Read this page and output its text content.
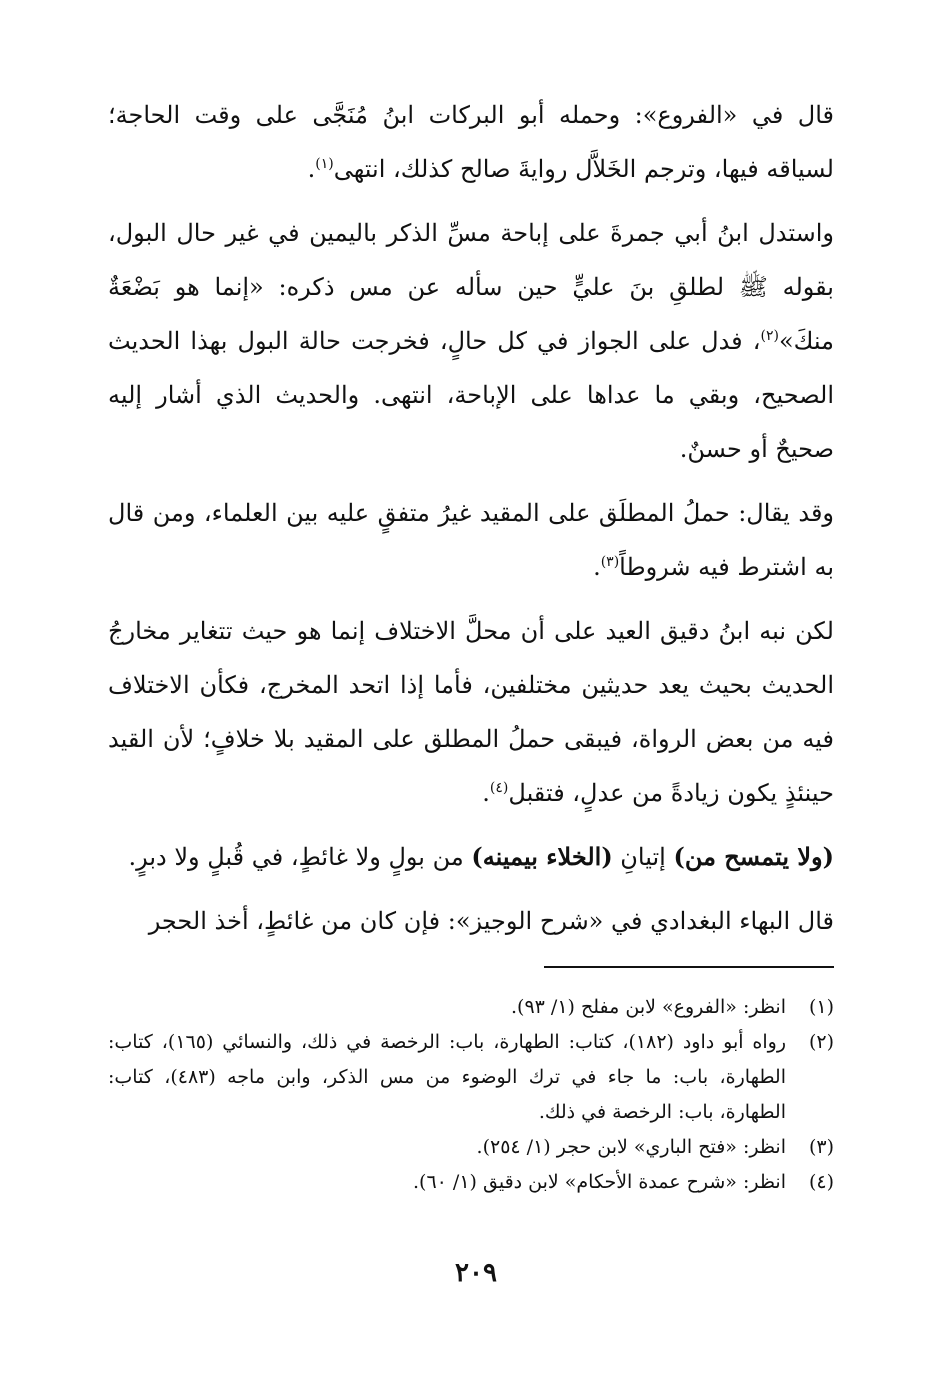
قال في «الفروع»: وحمله أبو البركات ابنُ مُنَجَّى على وقت الحاجة؛ لسياقه فيها، وترجم الخَلاَّل روايةَ صالح كذلك، انتهى$^{(١)}$.

واستدل ابنُ أبي جمرةَ على إباحة مسِّ الذكر باليمين في غير حال البول، بقوله ﷺ لطلقِ بنَ عليٍّ حين سأله عن مس ذكره: «إنما هو بَضْعَةٌ منكَ»$^{(٢)}$، فدل على الجواز في كل حالٍ، فخرجت حالة البول بهذا الحديث الصحيح، وبقي ما عداها على الإباحة، انتهى. والحديث الذي أشار إليه صحيحٌ أو حسنٌ.

وقد يقال: حملُ المطلَق على المقيد غيرُ متفقٍ عليه بين العلماء، ومن قال به اشترط فيه شروطاً$^{(٣)}$.

لكن نبه ابنُ دقيق العيد على أن محلَّ الاختلاف إنما هو حيث تتغاير مخارجُ الحديث بحيث يعد حديثين مختلفين، فأما إذا اتحد المخرج، فكأن الاختلاف فيه من بعض الرواة، فيبقى حملُ المطلق على المقيد بلا خلافٍ؛ لأن القيد حينئذٍ يكون زيادةً من عدلٍ، فتقبل$^{(٤)}$.

(ولا يتمسح من) إتيانِ (الخلاء بيمينه) من بولٍ ولا غائطٍ، في قُبلٍ ولا دبرٍ.

قال البهاء البغدادي في «شرح الوجيز»: فإن كان من غائطٍ، أخذ الحجر

(١)
انظر: «الفروع» لابن مفلح (١/ ٩٣).
(٢)
رواه أبو داود (١٨٢)، كتاب: الطهارة، باب: الرخصة في ذلك، والنسائي (١٦٥)، كتاب: الطهارة، باب: ما جاء في ترك الوضوء من مس الذكر، وابن ماجه (٤٨٣)، كتاب: الطهارة، باب: الرخصة في ذلك.
(٣)
انظر: «فتح الباري» لابن حجر (١/ ٢٥٤).
(٤)
انظر: «شرح عمدة الأحكام» لابن دقيق (١/ ٦٠).
٢٠٩
